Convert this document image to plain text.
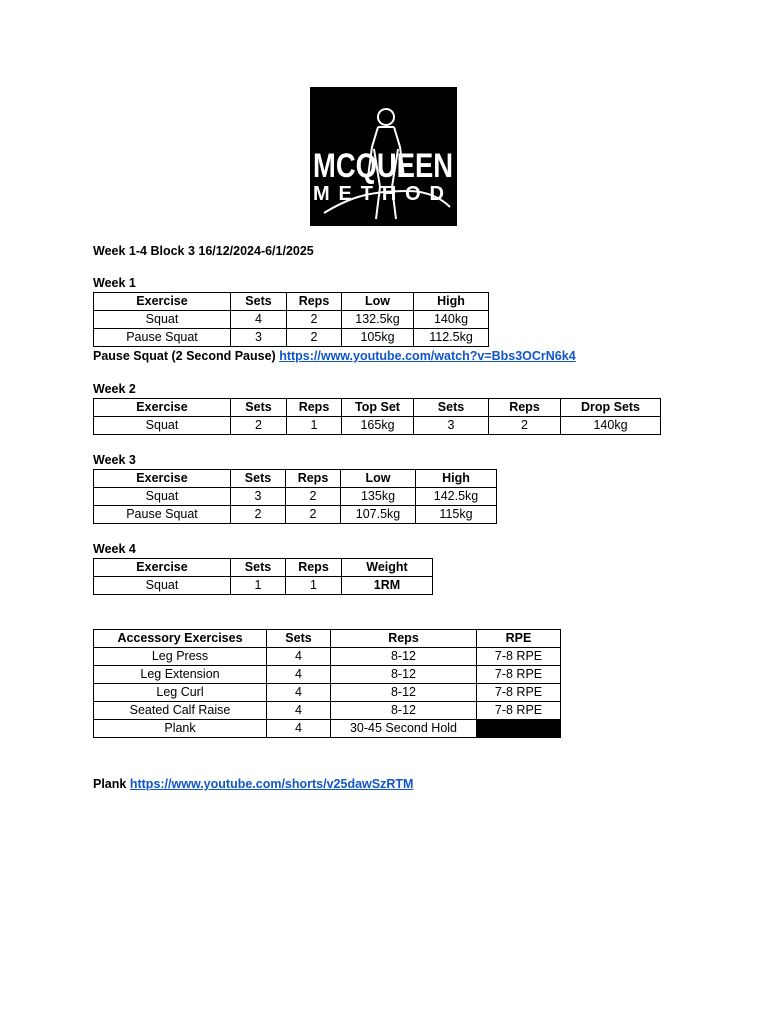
MCQUEEN
METHOD
Week 1-4 Block 3 16/12/2024-6/1/2025
Week 1
Exercise	Sets	Reps	Low	High
Squat	4	2	132.5kg	140kg
Pause Squat	3	2	105kg	112.5kg
Pause Squat (2 Second Pause) https://www.youtube.com/watch?v=Bbs3OCrN6k4
Week 2
Exercise	Sets	Reps	Top Set	Sets	Reps	Drop Sets
Squat	2	1	165kg	3	2	140kg
Week 3
Exercise	Sets	Reps	Low	High
Squat	3	2	135kg	142.5kg
Pause Squat	2	2	107.5kg	115kg
Week 4
Exercise	Sets	Reps	Weight
Squat	1	1	1RM
Accessory Exercises	Sets	Reps	RPE
Leg Press	4	8-12	7-8 RPE
Leg Extension	4	8-12	7-8 RPE
Leg Curl	4	8-12	7-8 RPE
Seated Calf Raise	4	8-12	7-8 RPE
Plank	4	30-45 Second Hold	
Plank https://www.youtube.com/shorts/v25dawSzRTM
